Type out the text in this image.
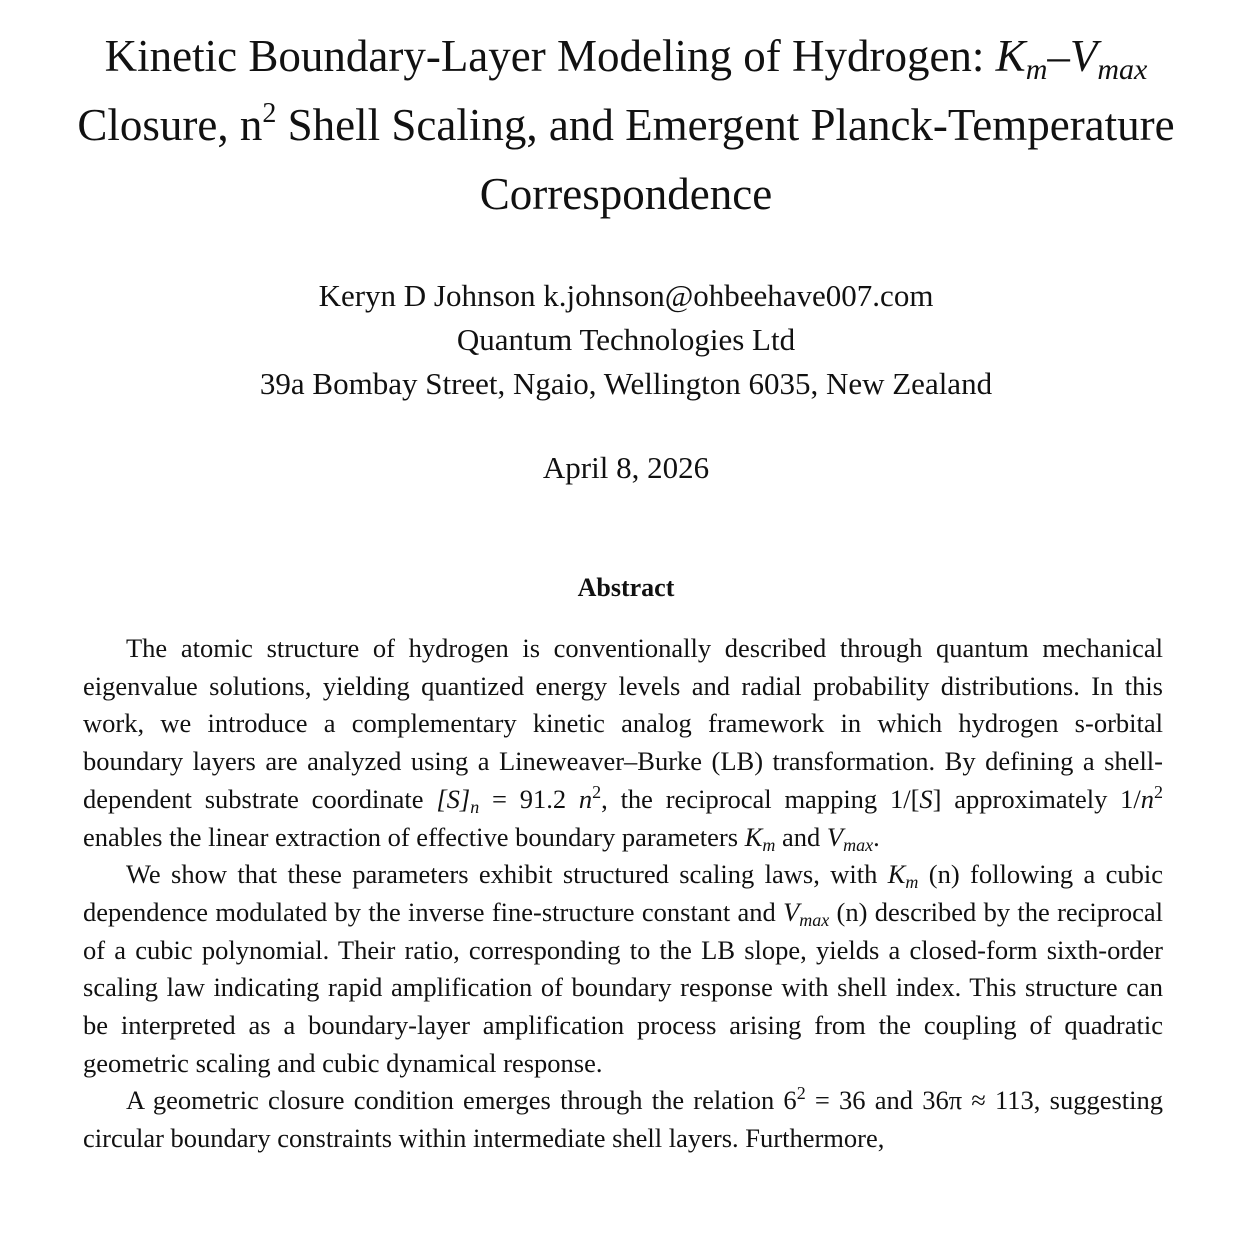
Kinetic Boundary-Layer Modeling of Hydrogen: $K_m-V_{max}$
Closure, $n^2$ Shell Scaling, and Emergent Planck-Temperature
Correspondence
Keryn D Johnson k.johnson@ohbeehave007.com
Quantum Technologies Ltd
39a Bombay Street, Ngaio, Wellington 6035, New Zealand
April 8, 2026
Abstract

The atomic structure of hydrogen is conventionally described through quantum mechanical eigenvalue solutions, yielding quantized energy levels and radial probability distributions. In this work, we introduce a complementary kinetic analog framework in which hydrogen s-orbital boundary layers are analyzed using a Lineweaver–Burke (LB) transformation. By defining a shell-dependent substrate coordinate $[S]_n = 91.2$ $n^2$, the reciprocal mapping 1/[S] approximately $1/n^2$ enables the linear extraction of effective boundary parameters $K_m$ and $V_{max}$.

We show that these parameters exhibit structured scaling laws, with $K_m$ (n) following a cubic dependence modulated by the inverse fine-structure constant and $V_{max}$ (n) described by the reciprocal of a cubic polynomial. Their ratio, corresponding to the LB slope, yields a closed-form sixth-order scaling law indicating rapid amplification of boundary response with shell index. This structure can be interpreted as a boundary-layer amplification process arising from the coupling of quadratic geometric scaling and cubic dynamical response.

A geometric closure condition emerges through the relation $6^2 = 36$ and 36π ≈ 113, suggesting circular boundary constraints within intermediate shell layers. Furthermore,
